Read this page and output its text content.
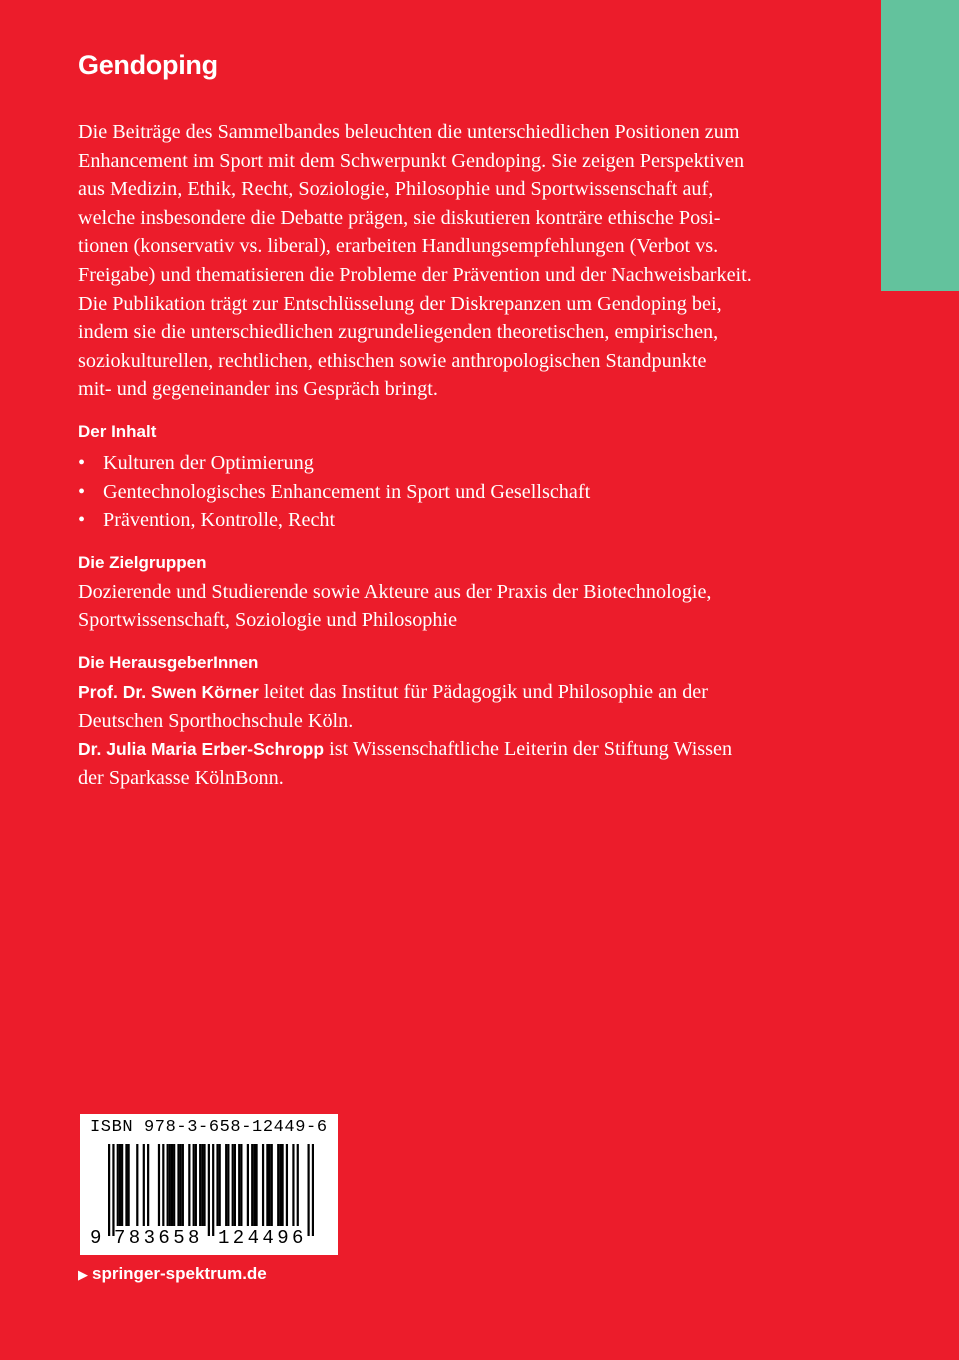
Gendoping

Die Beiträge des Sammelbandes beleuchten die unterschiedlichen Positionen zum

Enhancement im Sport mit dem Schwerpunkt Gendoping. Sie zeigen Perspektiven

aus Medizin, Ethik, Recht, Soziologie, Philosophie und Sportwissenschaft auf,

welche insbesondere die Debatte prägen, sie diskutieren konträre ethische Posi-

tionen (konservativ vs. liberal), erarbeiten Handlungsempfehlungen (Verbot vs.

Freigabe) und thematisieren die Probleme der Prävention und der Nachweisbarkeit.

Die Publikation trägt zur Entschlüsselung der Diskrepanzen um Gendoping bei,

indem sie die unterschiedlichen zugrundeliegenden theoretischen, empirischen,

soziokulturellen, rechtlichen, ethischen sowie anthropologischen Standpunkte

mit- und gegeneinander ins Gespräch bringt.

Der Inhalt
• Kulturen der Optimierung
• Gentechnologisches Enhancement in Sport und Gesellschaft
• Prävention, Kontrolle, Recht
Die Zielgruppen

Dozierende und Studierende sowie Akteure aus der Praxis der Biotechnologie,

Sportwissenschaft, Soziologie und Philosophie

Die HerausgeberInnen

Prof. Dr. Swen Körner leitet das Institut für Pädagogik und Philosophie an der

Deutschen Sporthochschule Köln.

Dr. Julia Maria Erber-Schropp ist Wissenschaftliche Leiterin der Stiftung Wissen

der Sparkasse KölnBonn.

ISBN 978-3-658-12449-6
9 783658 124496
▶ springer-spektrum.de
